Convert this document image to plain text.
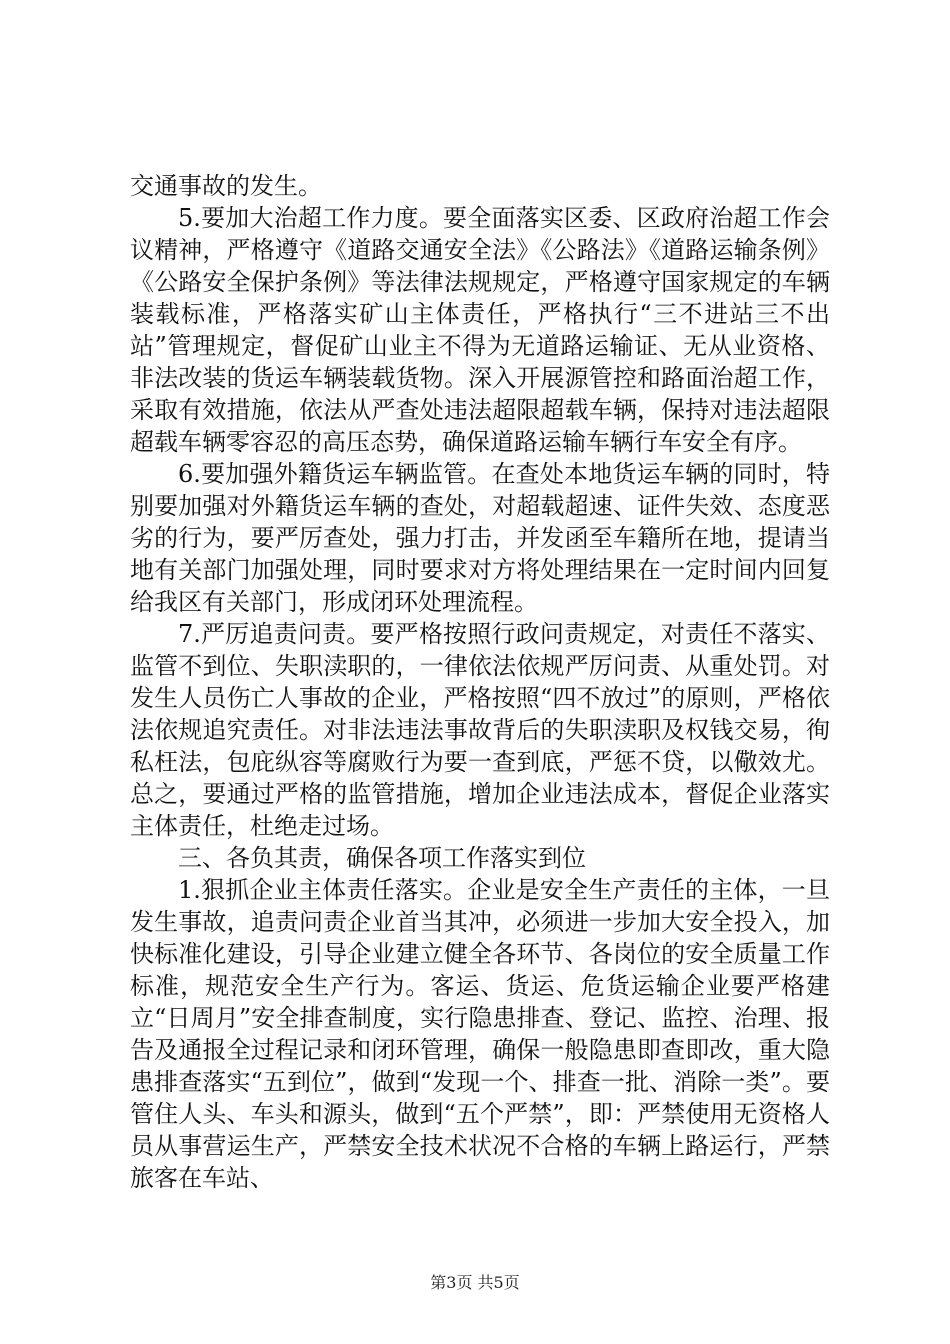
交通事故的发生。

5.要加大治超工作力度。要全面落实区委、区政府治超工作会议精神，严格遵守《道路交通安全法》《公路法》《道路运输条例》《公路安全保护条例》等法律法规规定，严格遵守国家规定的车辆装载标准，严格落实矿山主体责任，严格执行“三不进站三不出站”管理规定，督促矿山业主不得为无道路运输证、无从业资格、非法改装的货运车辆装载货物。深入开展源管控和路面治超工作，采取有效措施，依法从严查处违法超限超载车辆，保持对违法超限超载车辆零容忍的高压态势，确保道路运输车辆行车安全有序。

6.要加强外籍货运车辆监管。在查处本地货运车辆的同时，特别要加强对外籍货运车辆的查处，对超载超速、证件失效、态度恶劣的行为，要严厉查处，强力打击，并发函至车籍所在地，提请当地有关部门加强处理，同时要求对方将处理结果在一定时间内回复给我区有关部门，形成闭环处理流程。

7.严厉追责问责。要严格按照行政问责规定，对责任不落实、监管不到位、失职渎职的，一律依法依规严厉问责、从重处罚。对发生人员伤亡人事故的企业，严格按照“四不放过”的原则，严格依法依规追究责任。对非法违法事故背后的失职渎职及权钱交易，徇私枉法，包庇纵容等腐败行为要一查到底，严惩不贷，以儆效尤。总之，要通过严格的监管措施，增加企业违法成本，督促企业落实主体责任，杜绝走过场。

三、各负其责，确保各项工作落实到位

1.狠抓企业主体责任落实。企业是安全生产责任的主体，一旦发生事故，追责问责企业首当其冲，必须进一步加大安全投入，加快标准化建设，引导企业建立健全各环节、各岗位的安全质量工作标准，规范安全生产行为。客运、货运、危货运输企业要严格建立“日周月”安全排查制度，实行隐患排查、登记、监控、治理、报告及通报全过程记录和闭环管理，确保一般隐患即查即改，重大隐患排查落实“五到位”，做到“发现一个、排查一批、消除一类”。要管住人头、车头和源头，做到“五个严禁”，即：严禁使用无资格人员从事营运生产，严禁安全技术状况不合格的车辆上路运行，严禁旅客在车站、

第3页 共5页
